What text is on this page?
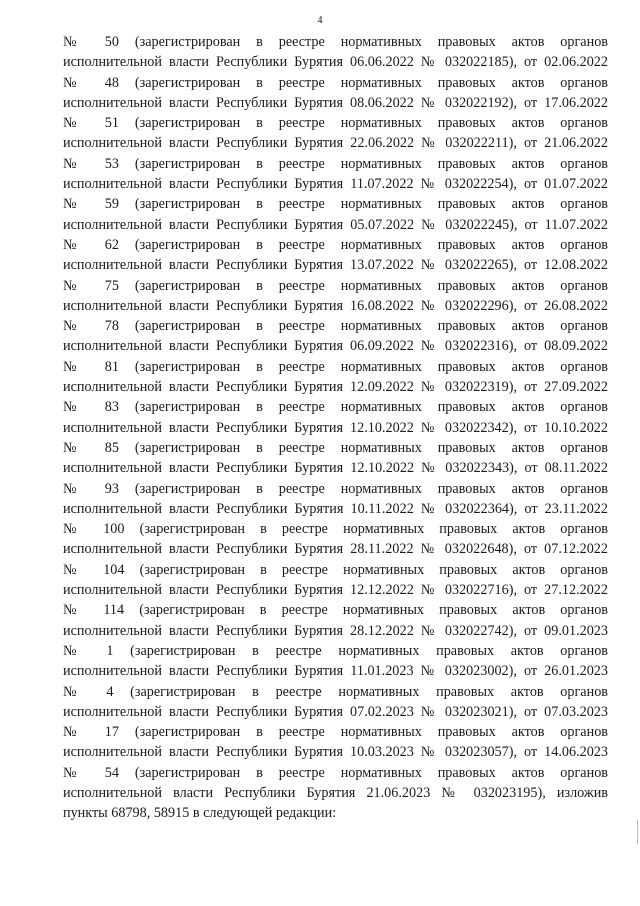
4
№ 50 (зарегистрирован в реестре нормативных правовых актов органов
исполнительной власти Республики Бурятия 06.06.2022 № 032022185), от 02.06.2022
№ 48 (зарегистрирован в реестре нормативных правовых актов органов
исполнительной власти Республики Бурятия 08.06.2022 № 032022192), от 17.06.2022
№ 51 (зарегистрирован в реестре нормативных правовых актов органов
исполнительной власти Республики Бурятия 22.06.2022 № 032022211), от 21.06.2022
№ 53 (зарегистрирован в реестре нормативных правовых актов органов
исполнительной власти Республики Бурятия 11.07.2022 № 032022254), от 01.07.2022
№ 59 (зарегистрирован в реестре нормативных правовых актов органов
исполнительной власти Республики Бурятия 05.07.2022 № 032022245), от 11.07.2022
№ 62 (зарегистрирован в реестре нормативных правовых актов органов
исполнительной власти Республики Бурятия 13.07.2022 № 032022265), от 12.08.2022
№ 75 (зарегистрирован в реестре нормативных правовых актов органов
исполнительной власти Республики Бурятия 16.08.2022 № 032022296), от 26.08.2022
№ 78 (зарегистрирован в реестре нормативных правовых актов органов
исполнительной власти Республики Бурятия 06.09.2022 № 032022316), от 08.09.2022
№ 81 (зарегистрирован в реестре нормативных правовых актов органов
исполнительной власти Республики Бурятия 12.09.2022 № 032022319), от 27.09.2022
№ 83 (зарегистрирован в реестре нормативных правовых актов органов
исполнительной власти Республики Бурятия 12.10.2022 № 032022342), от 10.10.2022
№ 85 (зарегистрирован в реестре нормативных правовых актов органов
исполнительной власти Республики Бурятия 12.10.2022 № 032022343), от 08.11.2022
№ 93 (зарегистрирован в реестре нормативных правовых актов органов
исполнительной власти Республики Бурятия 10.11.2022 № 032022364), от 23.11.2022
№ 100 (зарегистрирован в реестре нормативных правовых актов органов
исполнительной власти Республики Бурятия 28.11.2022 № 032022648), от 07.12.2022
№ 104 (зарегистрирован в реестре нормативных правовых актов органов
исполнительной власти Республики Бурятия 12.12.2022 № 032022716), от 27.12.2022
№ 114 (зарегистрирован в реестре нормативных правовых актов органов
исполнительной власти Республики Бурятия 28.12.2022 № 032022742), от 09.01.2023
№ 1 (зарегистрирован в реестре нормативных правовых актов органов
исполнительной власти Республики Бурятия 11.01.2023 № 032023002), от 26.01.2023
№ 4 (зарегистрирован в реестре нормативных правовых актов органов
исполнительной власти Республики Бурятия 07.02.2023 № 032023021), от 07.03.2023
№ 17 (зарегистрирован в реестре нормативных правовых актов органов
исполнительной власти Республики Бурятия 10.03.2023 № 032023057), от 14.06.2023
№ 54 (зарегистрирован в реестре нормативных правовых актов органов
исполнительной власти Республики Бурятия 21.06.2023 № 032023195), изложив
пункты 68798, 58915 в следующей редакции:
